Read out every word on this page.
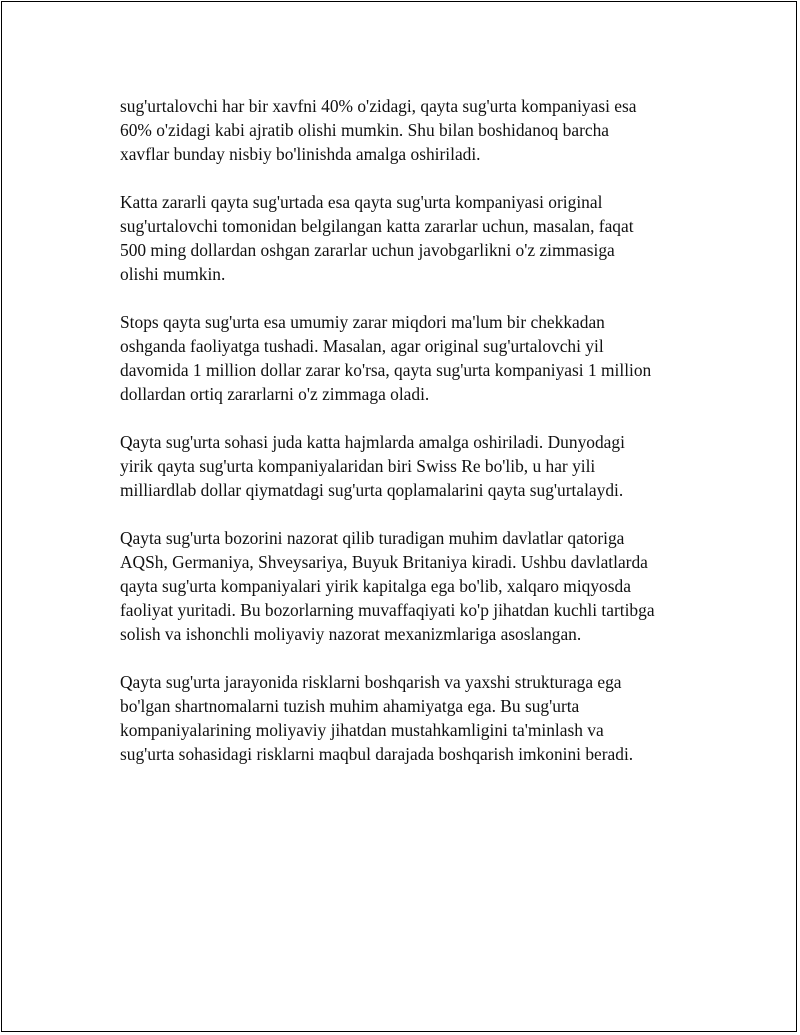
sug'urtalovchi har bir xavfni 40% o'zidagi, qayta sug'urta kompaniyasi esa
60% o'zidagi kabi ajratib olishi mumkin. Shu bilan boshidanoq barcha
xavflar bunday nisbiy bo'linishda amalga oshiriladi.

Katta zararli qayta sug'urtada esa qayta sug'urta kompaniyasi original
sug'urtalovchi tomonidan belgilangan katta zararlar uchun, masalan, faqat
500 ming dollardan oshgan zararlar uchun javobgarlikni o'z zimmasiga
olishi mumkin.

Stops qayta sug'urta esa umumiy zarar miqdori ma'lum bir chekkadan
oshganda faoliyatga tushadi. Masalan, agar original sug'urtalovchi yil
davomida 1 million dollar zarar ko'rsa, qayta sug'urta kompaniyasi 1 million
dollardan ortiq zararlarni o'z zimmaga oladi.

Qayta sug'urta sohasi juda katta hajmlarda amalga oshiriladi. Dunyodagi
yirik qayta sug'urta kompaniyalaridan biri Swiss Re bo'lib, u har yili
milliardlab dollar qiymatdagi sug'urta qoplamalarini qayta sug'urtalaydi.

Qayta sug'urta bozorini nazorat qilib turadigan muhim davlatlar qatoriga
AQSh, Germaniya, Shveysariya, Buyuk Britaniya kiradi. Ushbu davlatlarda
qayta sug'urta kompaniyalari yirik kapitalga ega bo'lib, xalqaro miqyosda
faoliyat yuritadi. Bu bozorlarning muvaffaqiyati ko'p jihatdan kuchli tartibga
solish va ishonchli moliyaviy nazorat mexanizmlariga asoslangan.

Qayta sug'urta jarayonida risklarni boshqarish va yaxshi strukturaga ega
bo'lgan shartnomalarni tuzish muhim ahamiyatga ega. Bu sug'urta
kompaniyalarining moliyaviy jihatdan mustahkamligini ta'minlash va
sug'urta sohasidagi risklarni maqbul darajada boshqarish imkonini beradi.
